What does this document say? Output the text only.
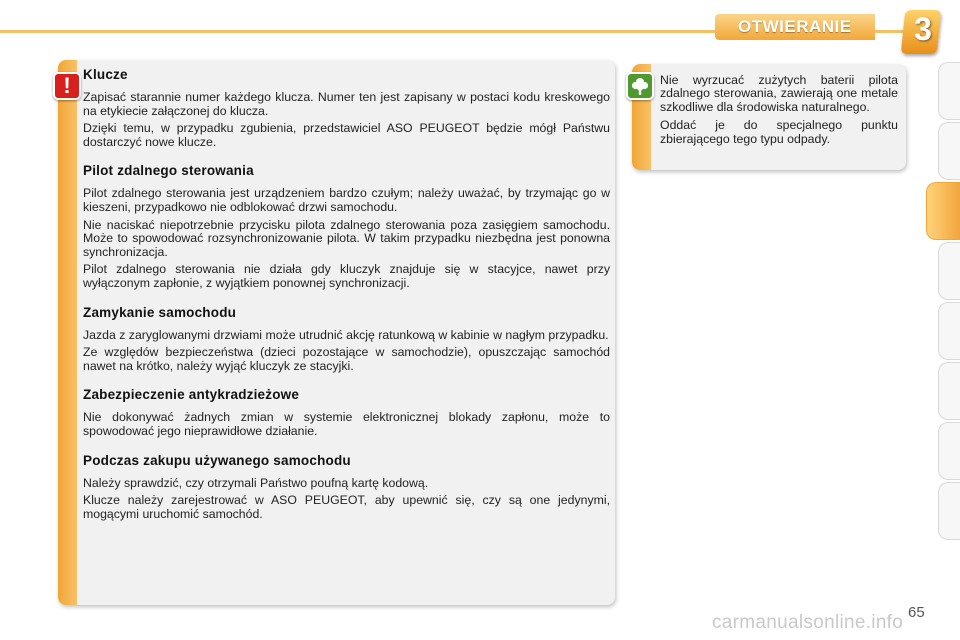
OTWIERANIE 3
! Klucze

Zapisać starannie numer każdego klucza. Numer ten jest zapisany w postaci kodu kreskowego na etykiecie załączonej do klucza.

Dzięki temu, w przypadku zgubienia, przedstawiciel ASO PEUGEOT będzie mógł Państwu dostarczyć nowe klucze.

Pilot zdalnego sterowania

Pilot zdalnego sterowania jest urządzeniem bardzo czułym; należy uważać, by trzymając go w kieszeni, przypadkowo nie odblokować drzwi samochodu.

Nie naciskać niepotrzebnie przycisku pilota zdalnego sterowania poza zasięgiem samochodu. Może to spowodować rozsynchronizowanie pilota. W takim przypadku niezbędna jest ponowna synchronizacja.

Pilot zdalnego sterowania nie działa gdy kluczyk znajduje się w stacyjce, nawet przy wyłączonym zapłonie, z wyjątkiem ponownej synchronizacji.

Zamykanie samochodu

Jazda z zaryglowanymi drzwiami może utrudnić akcję ratunkową w kabinie w nagłym przypadku.

Ze względów bezpieczeństwa (dzieci pozostające w samochodzie), opuszczając samochód nawet na krótko, należy wyjąć kluczyk ze stacyjki.

Zabezpieczenie antykradzieżowe

Nie dokonywać żadnych zmian w systemie elektronicznej blokady zapłonu, może to spowodować jego nieprawidłowe działanie.

Podczas zakupu używanego samochodu

Należy sprawdzić, czy otrzymali Państwo poufną kartę kodową.

Klucze należy zarejestrować w ASO PEUGEOT, aby upewnić się, czy są one jedynymi, mogącymi uruchomić samochód.

Nie wyrzucać zużytych baterii pilota zdalnego sterowania, zawierają one metale szkodliwe dla środowiska naturalnego.

Oddać je do specjalnego punktu zbierającego tego typu odpady.

65
carmanualsonline.info
